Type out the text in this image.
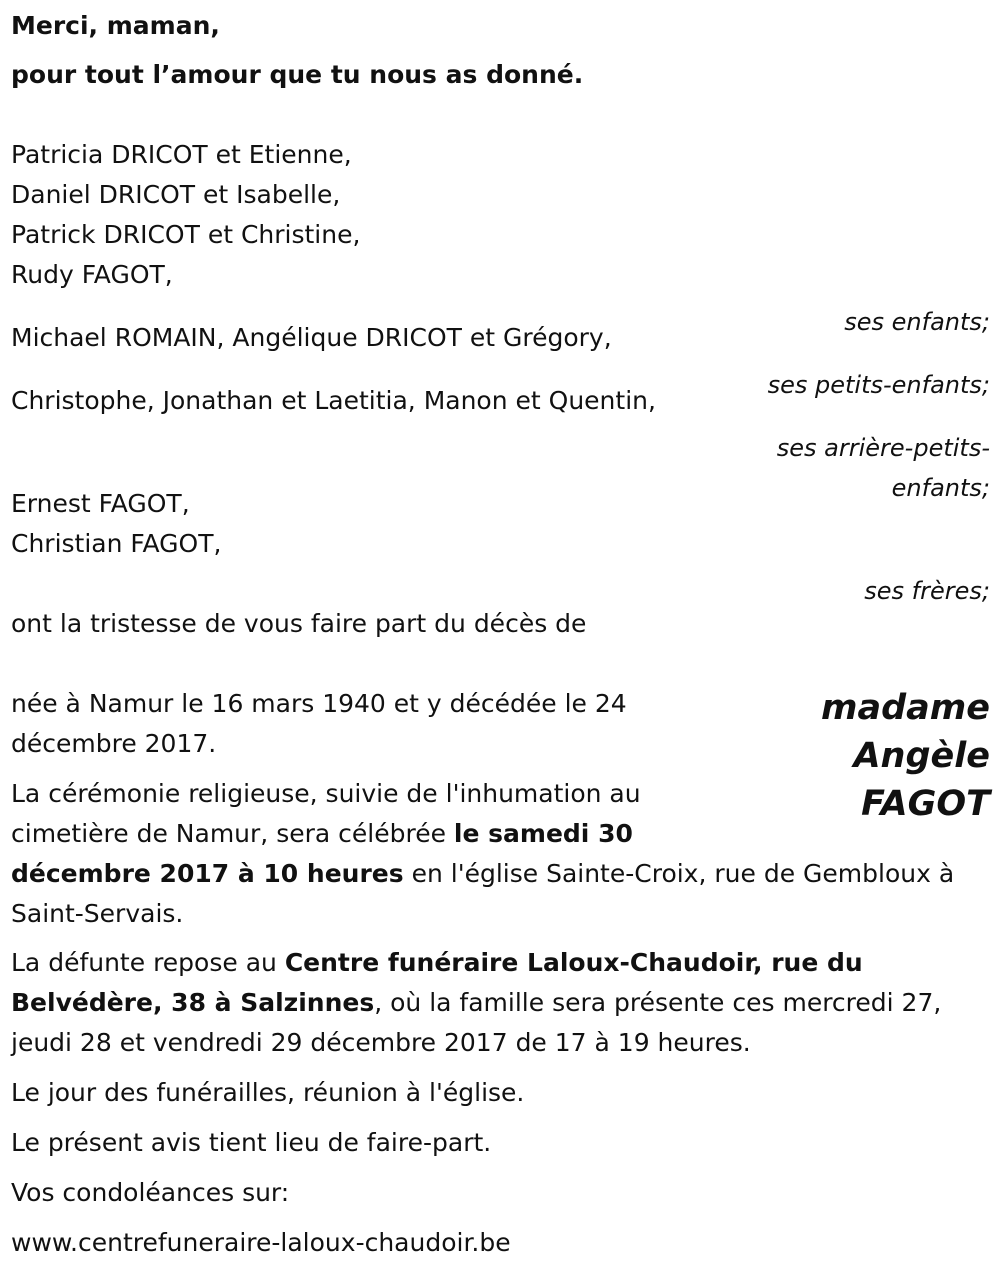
Merci, maman,

pour tout l’amour que tu nous as donné.

Patricia DRICOT et Etienne,

Daniel DRICOT et Isabelle,

Patrick DRICOT et Christine,

Rudy FAGOT,

ses enfants;

Michael ROMAIN, Angélique DRICOT et Grégory,

ses petits-enfants;

Christophe, Jonathan et Laetitia, Manon et Quentin,

ses arrière-petits-

enfants;

Ernest FAGOT,

Christian FAGOT,

ses frères;

ont la tristesse de vous faire part du décès de

madame
Angèle
FAGOT

née à Namur le 16 mars 1940 et y décédée le 24

décembre 2017.

La cérémonie religieuse, suivie de l'inhumation au

cimetière de Namur, sera célébrée le samedi 30

décembre 2017 à 10 heures en l'église Sainte-Croix, rue de Gembloux à

Saint-Servais.

La défunte repose au Centre funéraire Laloux-Chaudoir, rue du

Belvédère, 38 à Salzinnes, où la famille sera présente ces mercredi 27,

jeudi 28 et vendredi 29 décembre 2017 de 17 à 19 heures.

Le jour des funérailles, réunion à l'église.

Le présent avis tient lieu de faire-part.

Vos condoléances sur:

www.centrefuneraire-laloux-chaudoir.be
